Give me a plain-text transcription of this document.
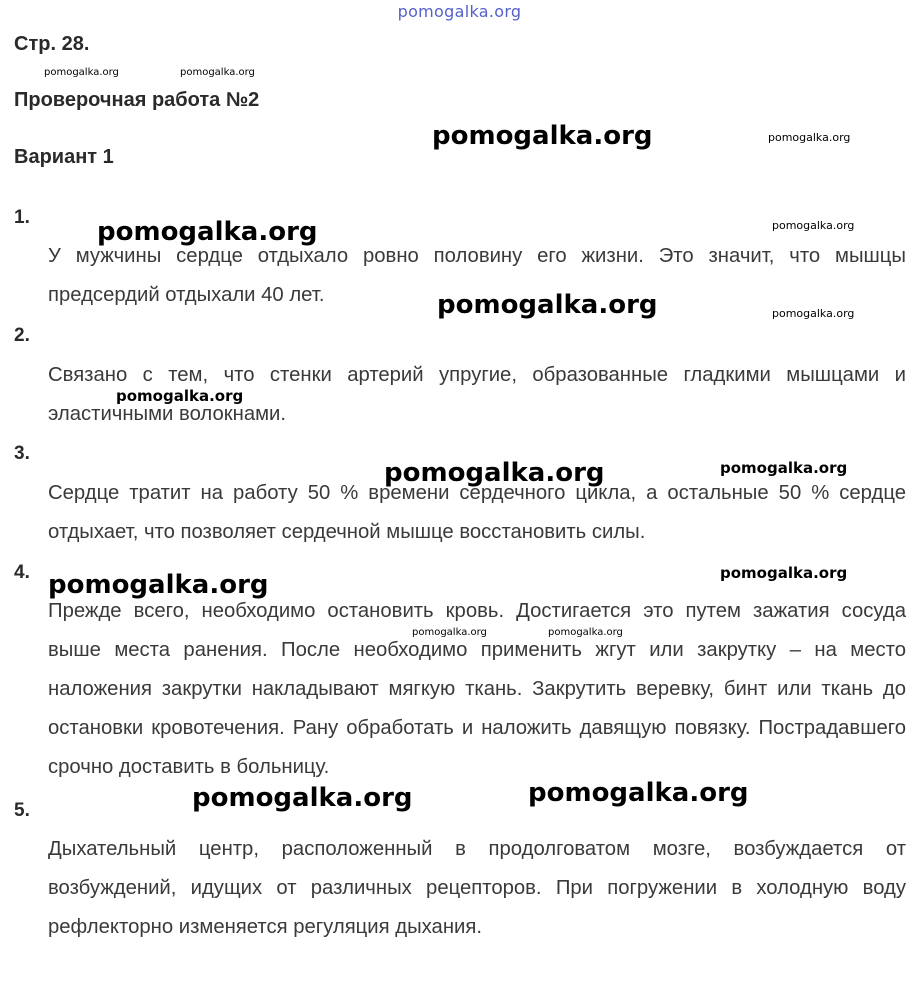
pomogalka.org
Стр. 28.
Проверочная работа №2
Вариант 1
1.

У мужчины сердце отдыхало ровно половину его жизни. Это значит, что мышцы предсердий отдыхали 40 лет.

2.

Связано с тем, что стенки артерий упругие, образованные гладкими мышцами и эластичными волокнами.

3.

Сердце тратит на работу 50 % времени сердечного цикла, а остальные 50 % сердце отдыхает, что позволяет сердечной мышце восстановить силы.

4.

Прежде всего, необходимо остановить кровь. Достигается это путем зажатия сосуда выше места ранения. После необходимо применить жгут или закрутку – на место наложения закрутки накладывают мягкую ткань. Закрутить веревку, бинт или ткань до остановки кровотечения. Рану обработать и наложить давящую повязку. Пострадавшего срочно доставить в больницу.

5.

Дыхательный центр, расположенный в продолговатом мозге, возбуждается от возбуждений, идущих от различных рецепторов. При погружении в холодную воду рефлекторно изменяется регуляция дыхания.

pomogalka.org	pomogalka.org
pomogalka.org	pomogalka.org
pomogalka.org	pomogalka.org
pomogalka.org	pomogalka.org
pomogalka.org
pomogalka.org	pomogalka.org
pomogalka.org	pomogalka.org
pomogalka.org	pomogalka.org
pomogalka.org	pomogalka.org
